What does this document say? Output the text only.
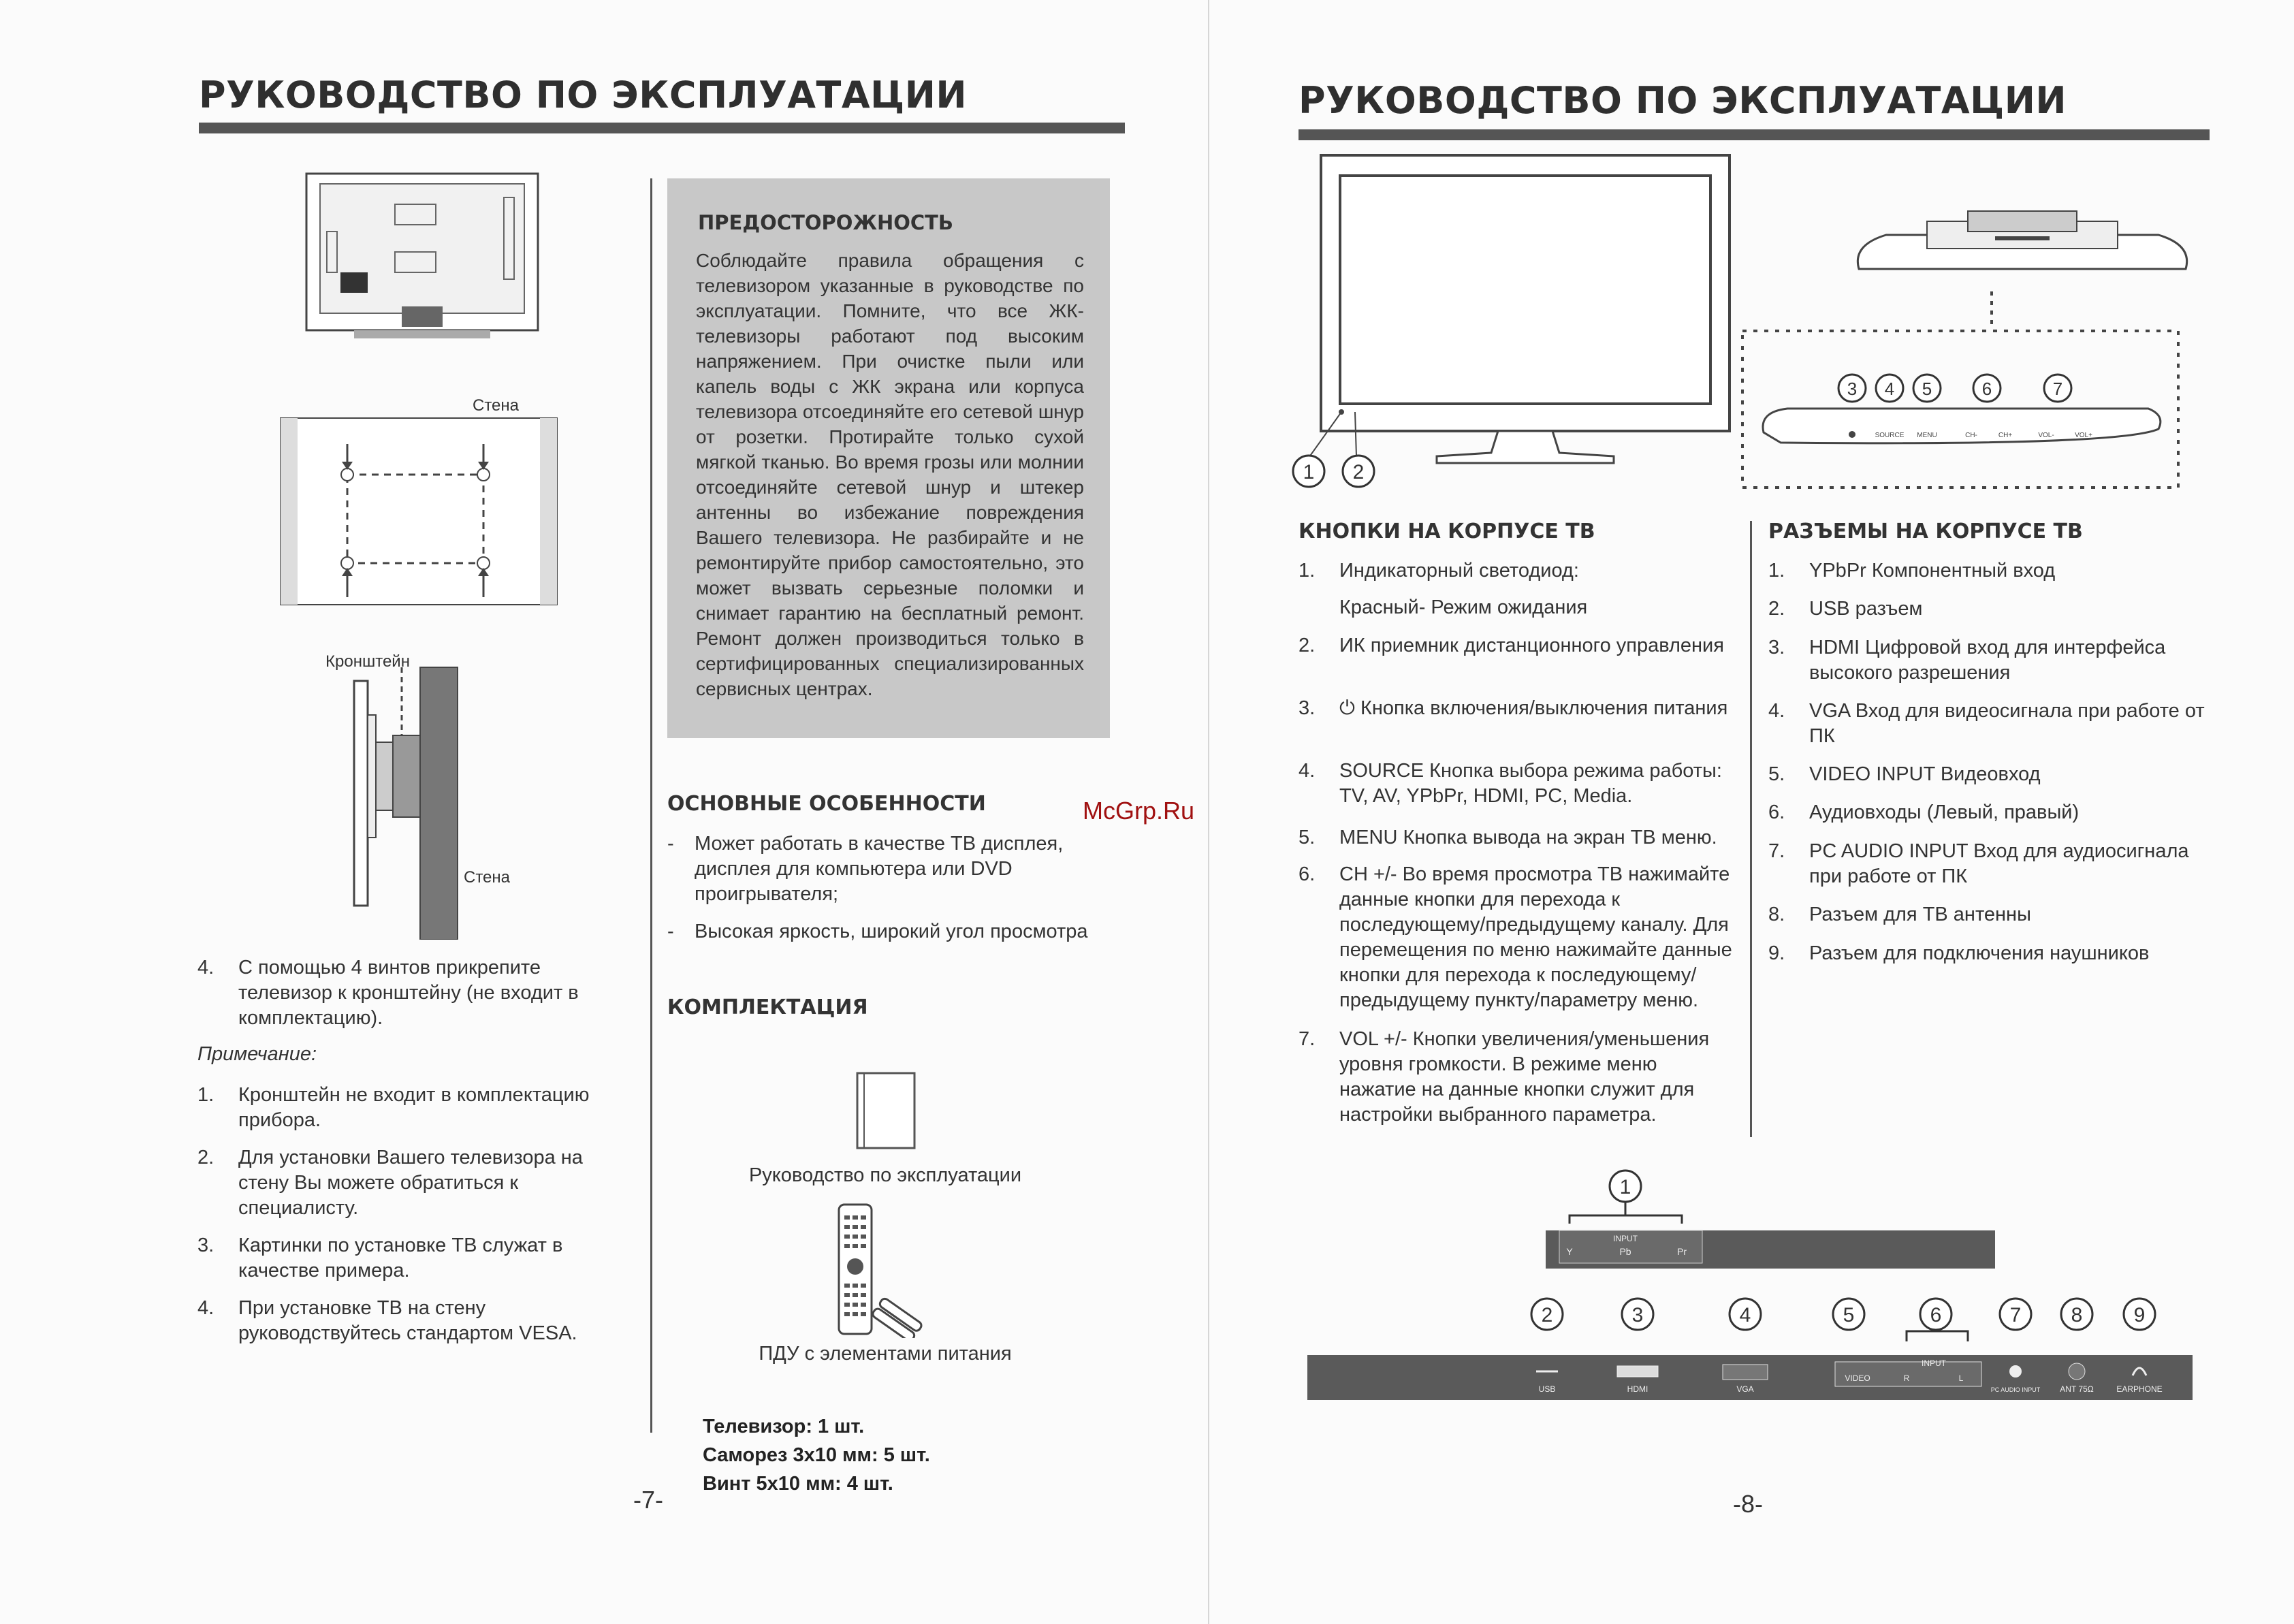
РУКОВОДСТВО ПО ЭКСПЛУАТАЦИИ
Стена
Кронштейн
Стена
4.	С помощью 4 винтов прикрепите телевизор к кронштейну (не входит в комплектацию).
Примечание:
1.	Кронштейн не входит в комплектацию прибора.
2.	Для установки Вашего телевизора на стену Вы можете обратиться к специалисту.
3.	Картинки по установке ТВ служат в качестве примера.
4.	При установке ТВ на стену руководствуйтесь стандартом VESA.
ПРЕДОСТОРОЖНОСТЬ
Соблюдайте правила обращения с телевизором указанные в руководстве по эксплуатации. Помните, что все ЖК-телевизоры работают под высоким напряжением. При очистке пыли или капель воды с ЖК экрана или корпуса телевизора отсоединяйте его сетевой шнур от розетки. Протирайте только сухой мягкой тканью. Во время грозы или молнии отсоединяйте сетевой шнур и штекер антенны во избежание повреждения Вашего телевизора. Не разбирайте и не ремонтируйте прибор самостоятельно, это может вызвать серьезные поломки и снимает гарантию на бесплатный ремонт. Ремонт должен производиться только в сертифицированных специализированных сервисных центрах.
ОСНОВНЫЕ ОСОБЕННОСТИ
-	Может работать в качестве ТВ дисплея, дисплея для компьютера или DVD проигрывателя;
-	Высокая яркость, широкий угол просмотра
КОМПЛЕКТАЦИЯ
Руководство по эксплуатации
ПДУ с элементами питания
Телевизор: 1 шт.
Саморез 3x10 мм: 5 шт.
Винт 5x10 мм: 4 шт.
-7-
McGrp.Ru
РУКОВОДСТВО ПО ЭКСПЛУАТАЦИИ
1 2
3 4 5	6	7
SOURCE MENU	CH-	CH+	VOL-	VOL+
КНОПКИ НА КОРПУСЕ ТВ
1.	Индикаторный светодиод:
Красный- Режим ожидания
2.	ИК приемник дистанционного управления
3.	⏻ Кнопка включения/выключения питания
4.	SOURCE Кнопка выбора режима работы: TV, AV, YPbPr, HDMI, PC, Media.
5.	MENU Кнопка вывода на экран ТВ меню.
6.	CH +/- Во время просмотра ТВ нажимайте данные кнопки для перехода к последующему/предыдущему каналу. Для перемещения по меню нажимайте данные кнопки для перехода к последующему/предыдущему пункту/параметру меню.
7.	VOL +/- Кнопки увеличения/уменьшения уровня громкости. В режиме меню нажатие на данные кнопки служит для настройки выбранного параметра.
РАЗЪЕМЫ НА КОРПУСЕ ТВ
1.	YPbPr Компонентный вход
2.	USB разъем
3.	HDMI Цифровой вход для интерфейса высокого разрешения
4.	VGA Вход для видеосигнала при работе от ПК
5.	VIDEO INPUT Видеовход
6.	Аудиовходы (Левый, правый)
7.	PC AUDIO INPUT Вход для аудиосигнала при работе от ПК
8.	Разъем для ТВ антенны
9.	Разъем для подключения наушников
1
INPUT
Y	Pb	Pr
2	3	4	5	6	7 8	9
USB	HDMI	VGA
INPUT
VIDEO	R	L
PC AUDIO INPUT ANT 75Ω	EARPHONE
-8-
